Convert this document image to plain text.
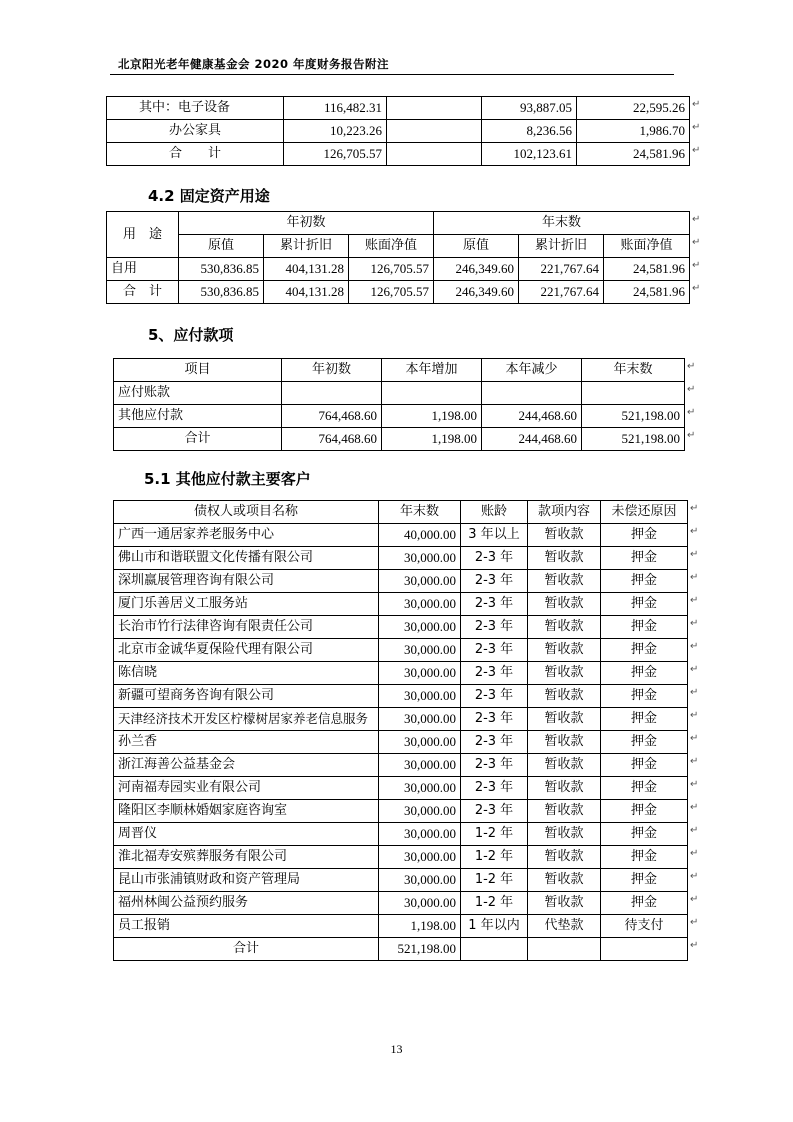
北京阳光老年健康基金会 2020 年度财务报告附注
其中：电子设备	116,482.31		93,887.05	22,595.26
办公家具	10,223.26		8,236.56	1,986.70
合　　计	126,705.57		102,123.61	24,581.96
4.2 固定资产用途
用　途	年初数			年末数		
	原值	累计折旧	账面净值	原值	累计折旧	账面净值
自用	530,836.85	404,131.28	126,705.57	246,349.60	221,767.64	24,581.96
合　计	530,836.85	404,131.28	126,705.57	246,349.60	221,767.64	24,581.96
5、应付款项
项目	年初数	本年增加	本年减少	年末数
应付账款				
其他应付款	764,468.60	1,198.00	244,468.60	521,198.00
合计	764,468.60	1,198.00	244,468.60	521,198.00
5.1 其他应付款主要客户
债权人或项目名称	年末数	账龄	款项内容	未偿还原因
广西一通居家养老服务中心	40,000.00	3 年以上	暂收款	押金
佛山市和谐联盟文化传播有限公司	30,000.00	2-3 年	暂收款	押金
深圳嬴展管理咨询有限公司	30,000.00	2-3 年	暂收款	押金
厦门乐善居义工服务站	30,000.00	2-3 年	暂收款	押金
长治市竹行法律咨询有限责任公司	30,000.00	2-3 年	暂收款	押金
北京市金诚华夏保险代理有限公司	30,000.00	2-3 年	暂收款	押金
陈信晓	30,000.00	2-3 年	暂收款	押金
新疆可望商务咨询有限公司	30,000.00	2-3 年	暂收款	押金
天津经济技术开发区柠檬树居家养老信息服务	30,000.00	2-3 年	暂收款	押金
孙兰香	30,000.00	2-3 年	暂收款	押金
浙江海善公益基金会	30,000.00	2-3 年	暂收款	押金
河南福寿园实业有限公司	30,000.00	2-3 年	暂收款	押金
隆阳区李顺林婚姻家庭咨询室	30,000.00	2-3 年	暂收款	押金
周晋仪	30,000.00	1-2 年	暂收款	押金
淮北福寿安殡葬服务有限公司	30,000.00	1-2 年	暂收款	押金
昆山市张浦镇财政和资产管理局	30,000.00	1-2 年	暂收款	押金
福州林闽公益预约服务	30,000.00	1-2 年	暂收款	押金
员工报销	1,198.00	1 年以内	代垫款	待支付
合计	521,198.00			
↵
↵
↵
↵
↵
↵
↵
↵
↵
↵
↵
↵
↵
↵
↵
↵
↵
↵
↵
↵
↵
↵
↵
↵
↵
↵
↵
↵
↵
↵
↵
13
